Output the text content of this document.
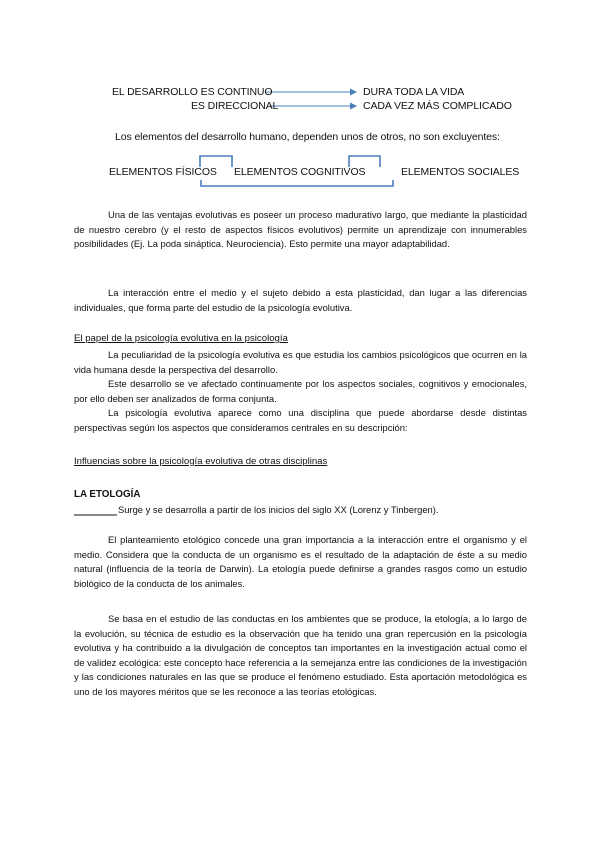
EL DESARROLLO ES CONTINUO	DURA TODA LA VIDA
ES DIRECCIONAL	CADA VEZ MÁS COMPLICADO
Los elementos del desarrollo humano, dependen unos de otros, no son excluyentes:
ELEMENTOS FÍSICOS ELEMENTOS COGNITIVOS	ELEMENTOS SOCIALES
Una de las ventajas evolutivas es poseer un proceso madurativo largo, que mediante la plasticidad de nuestro cerebro (y el resto de aspectos físicos evolutivos) permite un aprendizaje con innumerables posibilidades (Ej. La poda sináptica. Neurociencia). Esto permite una mayor adaptabilidad.
La interacción entre el medio y el sujeto debido a esta plasticidad, dan lugar a las diferencias individuales, que forma parte del estudio de la psicología evolutiva.
El papel de la psicología evolutiva en la psicología
La peculiaridad de la psicología evolutiva es que estudia los cambios psicológicos que ocurren en la vida humana desde la perspectiva del desarrollo.
Este desarrollo se ve afectado continuamente por los aspectos sociales, cognitivos y emocionales, por ello deben ser analizados de forma conjunta.
La psicología evolutiva aparece como una disciplina que puede abordarse desde distintas perspectivas según los aspectos que consideramos centrales en su descripción:
Influencias sobre la psicología evolutiva de otras disciplinas
LA ETOLOGÍA
Surge y se desarrolla a partir de los inicios del siglo XX (Lorenz y Tinbergen).
El planteamiento etológico concede una gran importancia a la interacción entre el organismo y el medio. Considera que la conducta de un organismo es el resultado de la adaptación de éste a su medio natural (influencia de la teoría de Darwin). La etología puede definirse a grandes rasgos como un estudio biológico de la conducta de los animales.
Se basa en el estudio de las conductas en los ambientes que se produce, la etología, a lo largo de la evolución, su técnica de estudio es la observación que ha tenido una gran repercusión en la psicología evolutiva y ha contribuido a la divulgación de conceptos tan importantes en la investigación actual como el de validez ecológica: este concepto hace referencia a la semejanza entre las condiciones de la investigación y las condiciones naturales en las que se produce el fenómeno estudiado. Esta aportación metodológica es uno de los mayores méritos que se les reconoce a las teorías etológicas.
